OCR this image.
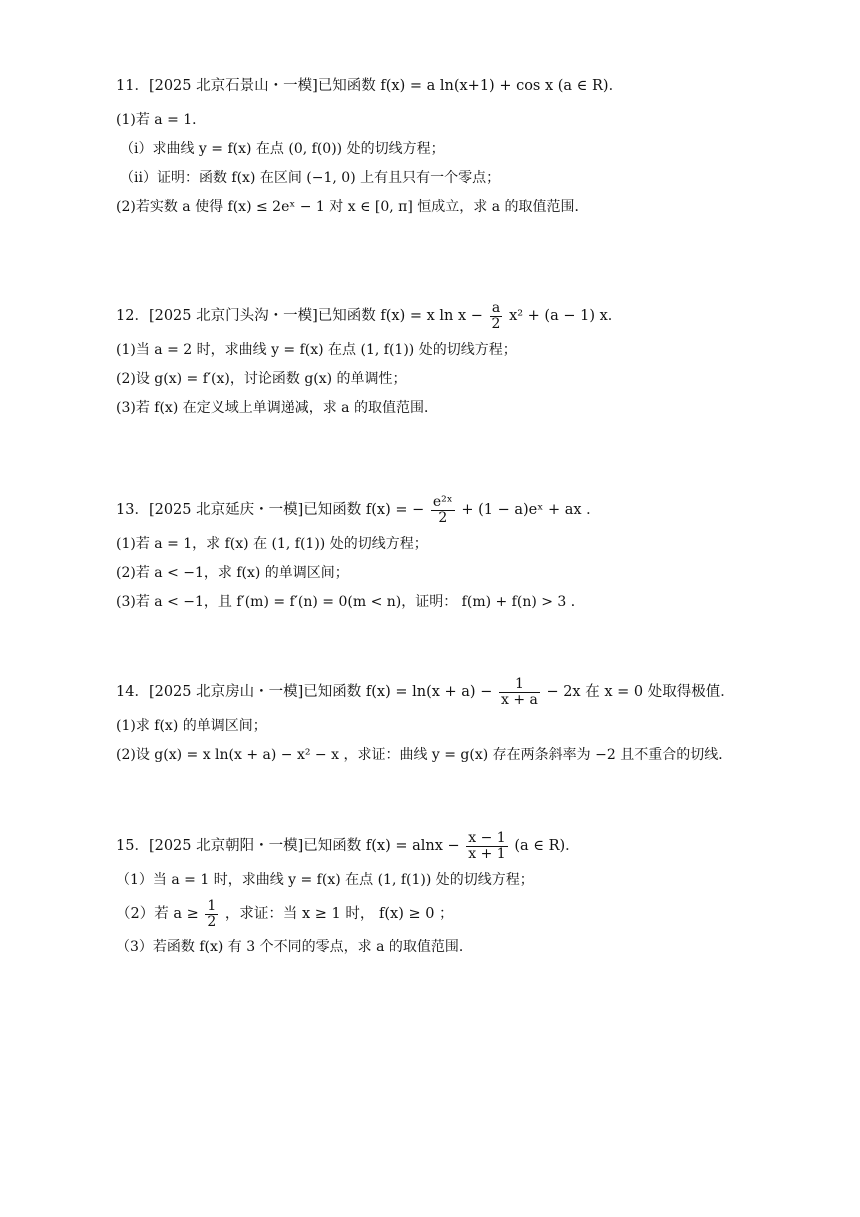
11．[2025 北京石景山・一模]已知函数 f(x) = a ln(x+1) + cos x (a ∈ R)．
(1)若 a = 1．
（i）求曲线 y = f(x) 在点 (0, f(0)) 处的切线方程；
（ii）证明：函数 f(x) 在区间 (−1, 0) 上有且只有一个零点；
(2)若实数 a 使得 f(x) ≤ 2eˣ − 1 对 x ∈ [0, π] 恒成立，求 a 的取值范围．
12．[2025 北京门头沟・一模]已知函数 f(x) = x $\ln x - \frac{a}{2} x^2 + (a - 1)$ x．
(1)当 a = 2 时，求曲线 y = f(x) 在点 (1, f(1)) 处的切线方程；
(2)设 g(x) = f′(x)，讨论函数 g(x) 的单调性；
(3)若 f(x) 在定义域上单调递减，求 a 的取值范围．
13．[2025 北京延庆・一模]已知函数 f(x) = − $\frac{\text{e²ˣ}}{2} + (1$ − a)eˣ + ax ．
(1)若 a = 1，求 f(x) 在 (1, f(1)) 处的切线方程；
(2)若 a < −1，求 f(x) 的单调区间；
(3)若 a < −1，且 f′(m) = f′(n) = 0(m < n)，证明： f(m) + f(n) > 3 ．
14．[2025 北京房山・一模]已知函数 $f(x) = \ln(x + a) - \frac{1}{x + a} - 2x$ 在 x = 0 处取得极值．
(1)求 f(x) 的单调区间；
(2)设 g(x) = x ln(x + a) − x² − x ，求证：曲线 y = g(x) 存在两条斜率为 −2 且不重合的切线．
15．[2025 北京朝阳・一模]已知函数 $f(x) = alnx - \frac{x - 1}{x + 1} (a$ ∈ R)．
（1）当 a = 1 时，求曲线 y = f(x) 在点 (1, f(1)) 处的切线方程；
（2）若 $a \ge \frac{1}{2}$ ，求证：当 x ≥ 1 时， f(x) ≥ 0 ；
（3）若函数 f(x) 有 3 个不同的零点，求 a 的取值范围．
